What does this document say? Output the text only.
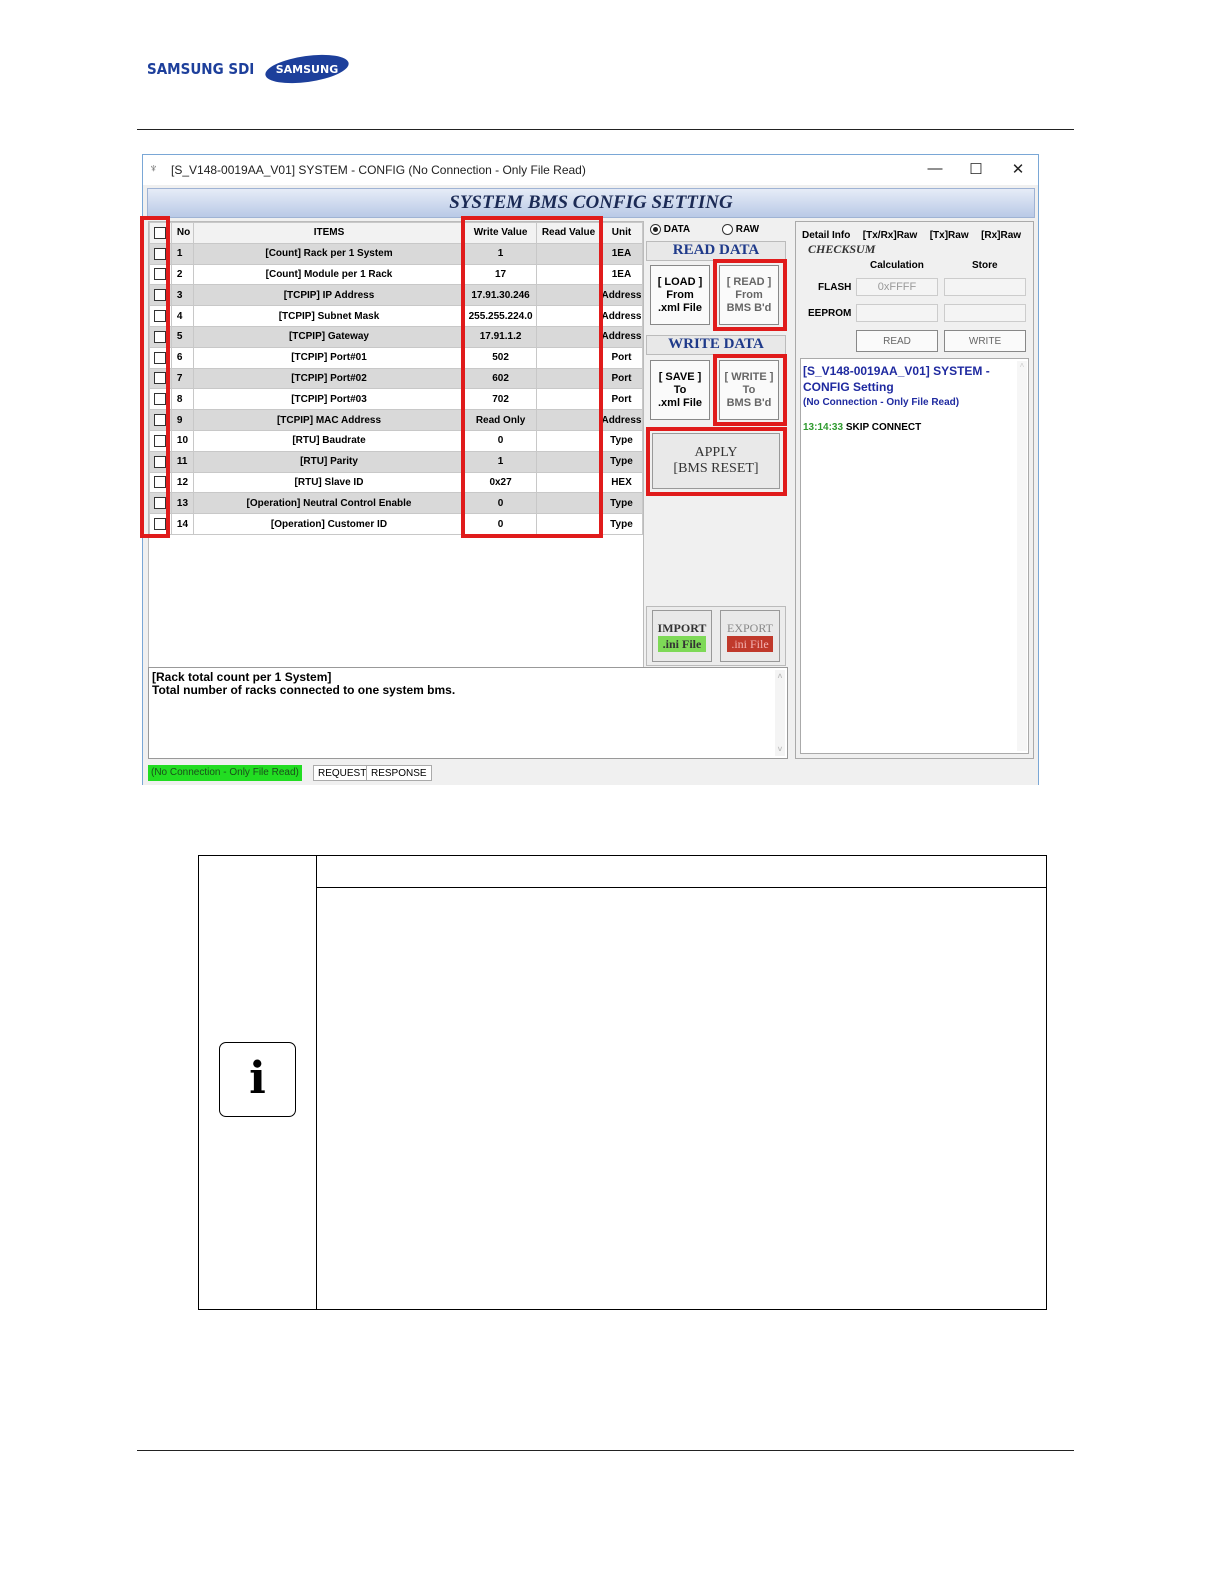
SAMSUNG SDI SAMSUNG
♆ [S_V148-0019AA_V01] SYSTEM - CONFIG (No Connection - Only File Read)	— ☐ ✕
SYSTEM BMS CONFIG SETTING
	No	ITEMS	Write Value	Read Value	Unit
	1	[Count] Rack per 1 System	1		1EA
	2	[Count] Module per 1 Rack	17		1EA
	3	[TCPIP] IP Address	17.91.30.246		Address
	4	[TCPIP] Subnet Mask	255.255.224.0		Address
	5	[TCPIP] Gateway	17.91.1.2		Address
	6	[TCPIP] Port#01	502		Port
	7	[TCPIP] Port#02	602		Port
	8	[TCPIP] Port#03	702		Port
	9	[TCPIP] MAC Address	Read Only		Address
	10	[RTU] Baudrate	0		Type
	11	[RTU] Parity	1		Type
	12	[RTU] Slave ID	0x27		HEX
	13	[Operation] Neutral Control Enable	0		Type
	14	[Operation] Customer ID	0		Type
[Rack total count per 1 System]
Total number of racks connected to one system bms.
˄
˅
DATA	RAW
READ DATA
[ LOAD ]
From
.xml File
[ READ ]
From
BMS B'd
WRITE DATA
[ SAVE ]
To
.xml File
[ WRITE ]
To
BMS B'd
APPLY
[BMS RESET]
IMPORT
.ini File
EXPORT
.ini File
Detail Info [Tx/Rx]Raw [Tx]Raw [Rx]Raw
CHECKSUM
Calculation	Store
FLASH	0xFFFF
EEPROM
READ	WRITE
[S_V148-0019AA_V01] SYSTEM -
CONFIG Setting
(No Connection - Only File Read)
13:14:33 SKIP CONNECT
˄
(No Connection - Only File Read)	REQUEST RESPONSE
i
